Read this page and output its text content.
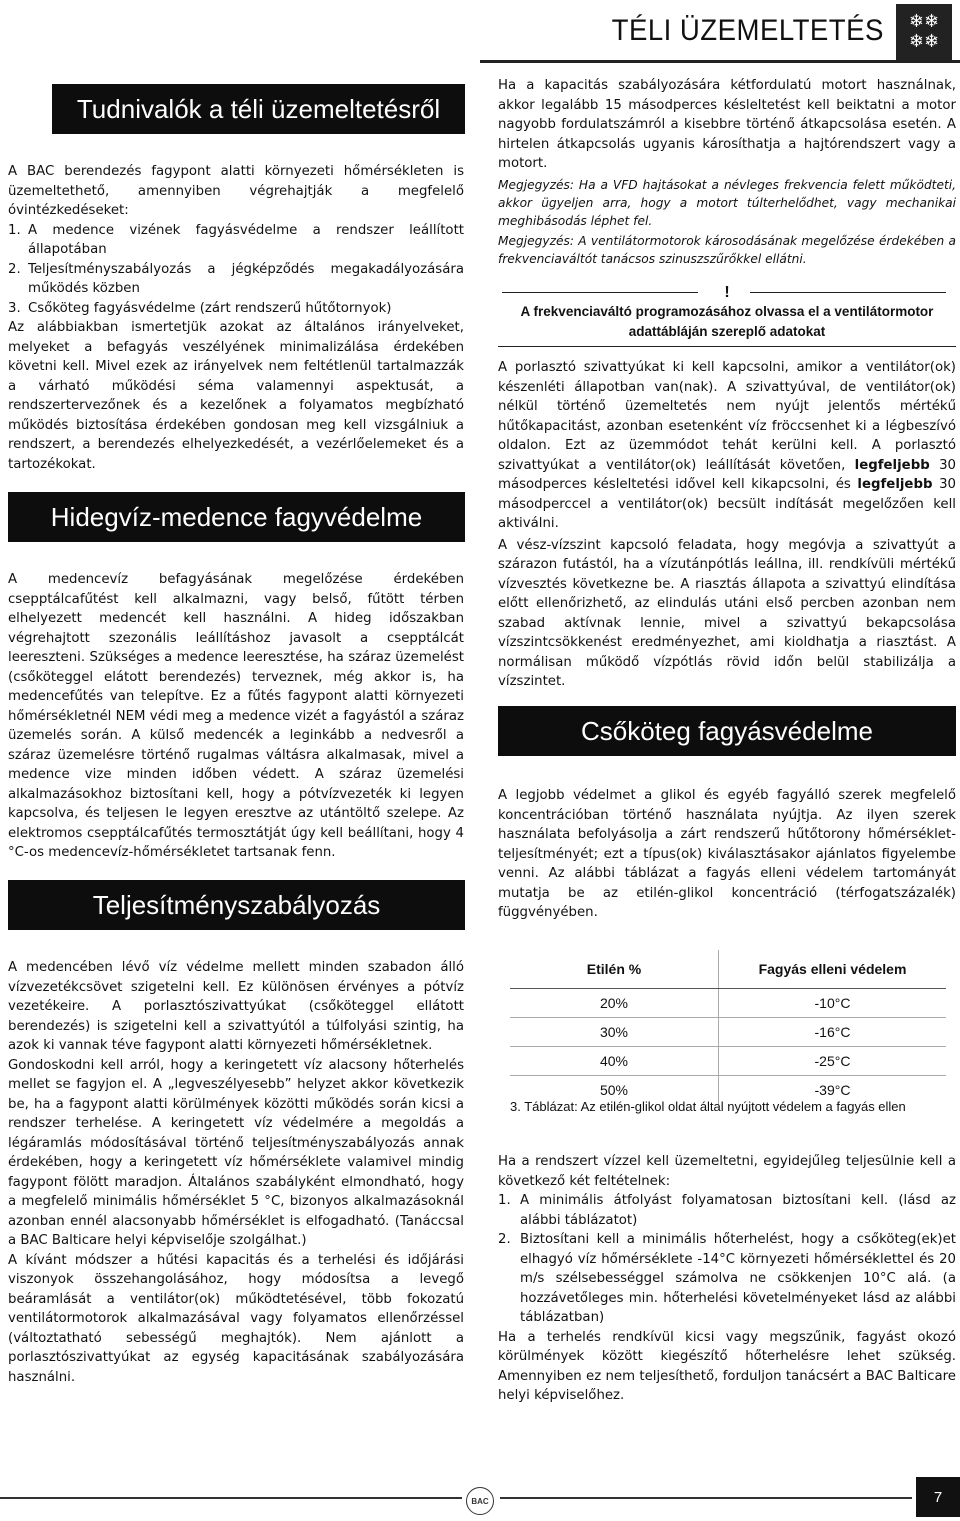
TÉLI ÜZEMELTETÉS	❄❄
❄❄
Tudnivalók a téli üzemeltetésről
Hidegvíz-medence fagyvédelme
Teljesítményszabályozás

A BAC berendezés fagypont alatti környezeti hőmérsékleten is üzemeltethető, amennyiben végrehajtják a megfelelő óvintézkedéseket:

1. A medence vizének fagyásvédelme a rendszer leállított állapotában
2. Teljesítményszabályozás a jégképződés megakadályozására működés közben
3. Csőköteg fagyásvédelme (zárt rendszerű hűtőtornyok)

Az alábbiakban ismertetjük azokat az általános irányelveket, melyeket a befagyás veszélyének minimalizálása érdekében követni kell. Mivel ezek az irányelvek nem feltétlenül tartalmazzák a várható működési séma valamennyi aspektusát, a rendszertervezőnek és a kezelőnek a folyamatos megbízható működés biztosítása érdekében gondosan meg kell vizsgálniuk a rendszert, a berendezés elhelyezkedését, a vezérlőelemeket és a tartozékokat.

A medencevíz befagyásának megelőzése érdekében csepptálcafűtést kell alkalmazni, vagy belső, fűtött térben elhelyezett medencét kell használni. A hideg időszakban végrehajtott szezonális leállításhoz javasolt a csepptálcát leereszteni. Szükséges a medence leeresztése, ha száraz üzemelést (csőköteggel elátott berendezés) terveznek, még akkor is, ha medencefűtés van telepítve. Ez a fűtés fagypont alatti környezeti hőmérsékletnél NEM védi meg a medence vizét a fagyástól a száraz üzemelés során. A külső medencék a leginkább a nedvesről a száraz üzemelésre történő rugalmas váltásra alkalmasak, mivel a medence vize minden időben védett. A száraz üzemelési alkalmazásokhoz biztosítani kell, hogy a pótvízvezeték ki legyen kapcsolva, és teljesen le legyen eresztve az utántöltő szelepe. Az elektromos csepptálcafűtés termosztátját úgy kell beállítani, hogy 4 °C-os medencevíz-hőmérsékletet tartsanak fenn.

A medencében lévő víz védelme mellett minden szabadon álló vízvezetékcsövet szigetelni kell. Ez különösen érvényes a pótvíz vezetékeire. A porlasztószivattyúkat (csőköteggel ellátott berendezés) is szigetelni kell a szivattyútól a túlfolyási szintig, ha azok ki vannak téve fagypont alatti környezeti hőmérsékletnek.

Gondoskodni kell arról, hogy a keringetett víz alacsony hőterhelés mellet se fagyjon el. A „legveszélyesebb” helyzet akkor következik be, ha a fagypont alatti körülmények közötti működés során kicsi a rendszer terhelése. A keringetett víz védelmére a megoldás a légáramlás módosításával történő teljesítményszabályozás annak érdekében, hogy a keringetett víz hőmérséklete valamivel mindig fagypont fölött maradjon. Általános szabályként elmondható, hogy a megfelelő minimális hőmérséklet 5 °C, bizonyos alkalmazásoknál azonban ennél alacsonyabb hőmérséklet is elfogadható. (Tanáccsal a BAC Balticare helyi képviselője szolgálhat.)

A kívánt módszer a hűtési kapacitás és a terhelési és időjárási viszonyok összehangolásához, hogy módosítsa a levegő beáramlását a ventilátor(ok) működtetésével, több fokozatú ventilátormotorok alkalmazásával vagy folyamatos ellenőrzéssel (változtatható sebességű meghajtók). Nem ajánlott a porlasztószivattyúkat az egység kapacitásának szabályozására használni.

Ha a kapacitás szabályozására kétfordulatú motort használnak, akkor legalább 15 másodperces késleltetést kell beiktatni a motor nagyobb fordulatszámról a kisebbre történő átkapcsolása esetén. A hirtelen átkapcsolás ugyanis károsíthatja a hajtórendszert vagy a motort.

Megjegyzés: Ha a VFD hajtásokat a névleges frekvencia felett működteti, akkor ügyeljen arra, hogy a motort túlterhelődhet, vagy mechanikai meghibásodás léphet fel.

Megjegyzés: A ventilátormotorok károsodásának megelőzése érdekében a frekvenciaváltót tanácsos szinuszszűrőkkel ellátni.

!
A frekvenciaváltó programozásához olvassa el a ventilátormotor adattábláján szereplő adatokat

A porlasztó szivattyúkat ki kell kapcsolni, amikor a ventilátor(ok) készenléti állapotban van(nak). A szivattyúval, de ventilátor(ok) nélkül történő üzemeltetés nem nyújt jelentős mértékű hűtőkapacitást, azonban esetenként víz fröccsenhet ki a légbeszívó oldalon. Ezt az üzemmódot tehát kerülni kell. A porlasztó szivattyúkat a ventilátor(ok) leállítását követően, legfeljebb 30 másodperces késleltetési idővel kell kikapcsolni, és legfeljebb 30 másodperccel a ventilátor(ok) becsült indítását megelőzően kell aktiválni.

A vész-vízszint kapcsoló feladata, hogy megóvja a szivattyút a szárazon futástól, ha a vízutánpótlás leállna, ill. rendkívüli mértékű vízvesztés következne be. A riasztás állapota a szivattyú elindítása előtt ellenőrizhető, az elindulás utáni első percben azonban nem szabad aktívnak lennie, mivel a szivattyú bekapcsolása vízszintcsökkenést eredményezhet, ami kioldhatja a riasztást. A normálisan működő vízpótlás rövid időn belül stabilizálja a vízszintet.

Csőköteg fagyásvédelme

A legjobb védelmet a glikol és egyéb fagyálló szerek megfelelő koncentrációban történő használata nyújtja. Az ilyen szerek használata befolyásolja a zárt rendszerű hűtőtorony hőmérséklet-teljesítményét; ezt a típus(ok) kiválasztásakor ajánlatos figyelembe venni. Az alábbi táblázat a fagyás elleni védelem tartományát mutatja be az etilén-glikol koncentráció (térfogatszázalék) függvényében.

Etilén %	Fagyás elleni védelem
20%	-10°C
30%	-16°C
40%	-25°C
50%	-39°C
3. Táblázat: Az etilén-glikol oldat által nyújtott védelem a fagyás ellen

Ha a rendszert vízzel kell üzemeltetni, egyidejűleg teljesülnie kell a következő két feltételnek:

1. A minimális átfolyást folyamatosan biztosítani kell. (lásd az alábbi táblázatot)
2. Biztosítani kell a minimális hőterhelést, hogy a csőköteg(ek)et elhagyó víz hőmérséklete -14°C környezeti hőmérséklettel és 20 m/s szélsebességgel számolva ne csökkenjen 10°C alá. (a hozzávetőleges min. hőterhelési követelményeket lásd az alábbi táblázatban)

Ha a terhelés rendkívül kicsi vagy megszűnik, fagyást okozó körülmények között kiegészítő hőterhelésre lehet szükség. Amennyiben ez nem teljesíthető, forduljon tanácsért a BAC Balticare helyi képviselőhez.

BAC	7
